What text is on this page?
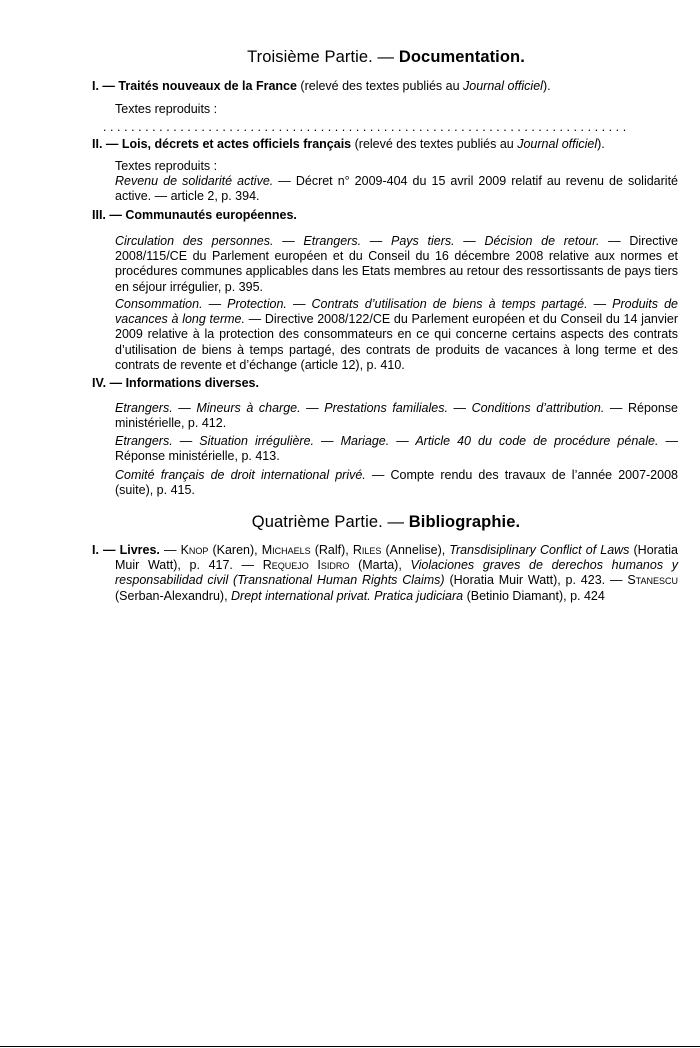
Troisième Partie. — Documentation.
I. — Traités nouveaux de la France (relevé des textes publiés au Journal officiel).
Textes reproduits :
...........................................................................
II. — Lois, décrets et actes officiels français (relevé des textes publiés au Journal officiel).
Textes reproduits :
Revenu de solidarité active. — Décret n° 2009-404 du 15 avril 2009 relatif au revenu de solidarité active. — article 2, p. 394.
III. — Communautés européennes.
Circulation des personnes. — Etrangers. — Pays tiers. — Décision de retour. — Directive 2008/115/CE du Parlement européen et du Conseil du 16 décembre 2008 relative aux normes et procédures communes applicables dans les Etats membres au retour des ressortissants de pays tiers en séjour irrégulier, p. 395.
Consommation. — Protection. — Contrats d’utilisation de biens à temps partagé. — Produits de vacances à long terme. — Directive 2008/122/CE du Parlement européen et du Conseil du 14 janvier 2009 relative à la protection des consommateurs en ce qui concerne certains aspects des contrats d’utilisation de biens à temps partagé, des contrats de produits de vacances à long terme et des contrats de revente et d’échange (article 12), p. 410.
IV. — Informations diverses.
Etrangers. — Mineurs à charge. — Prestations familiales. — Conditions d’attribution. — Réponse ministérielle, p. 412.
Etrangers. — Situation irrégulière. — Mariage. — Article 40 du code de procédure pénale. — Réponse ministérielle, p. 413.
Comité français de droit international privé. — Compte rendu des travaux de l’année 2007-2008 (suite), p. 415.
Quatrième Partie. — Bibliographie.
I. — Livres. — Knop (Karen), Michaels (Ralf), Riles (Annelise), Transdisiplinary Conflict of Laws (Horatia Muir Watt), p. 417. — Requejo Isidro (Marta), Violaciones graves de derechos humanos y responsabilidad civil (Transnational Human Rights Claims) (Horatia Muir Watt), p. 423. — Stanescu (Serban-Alexandru), Drept international privat. Pratica judiciara (Betinio Diamant), p. 424
